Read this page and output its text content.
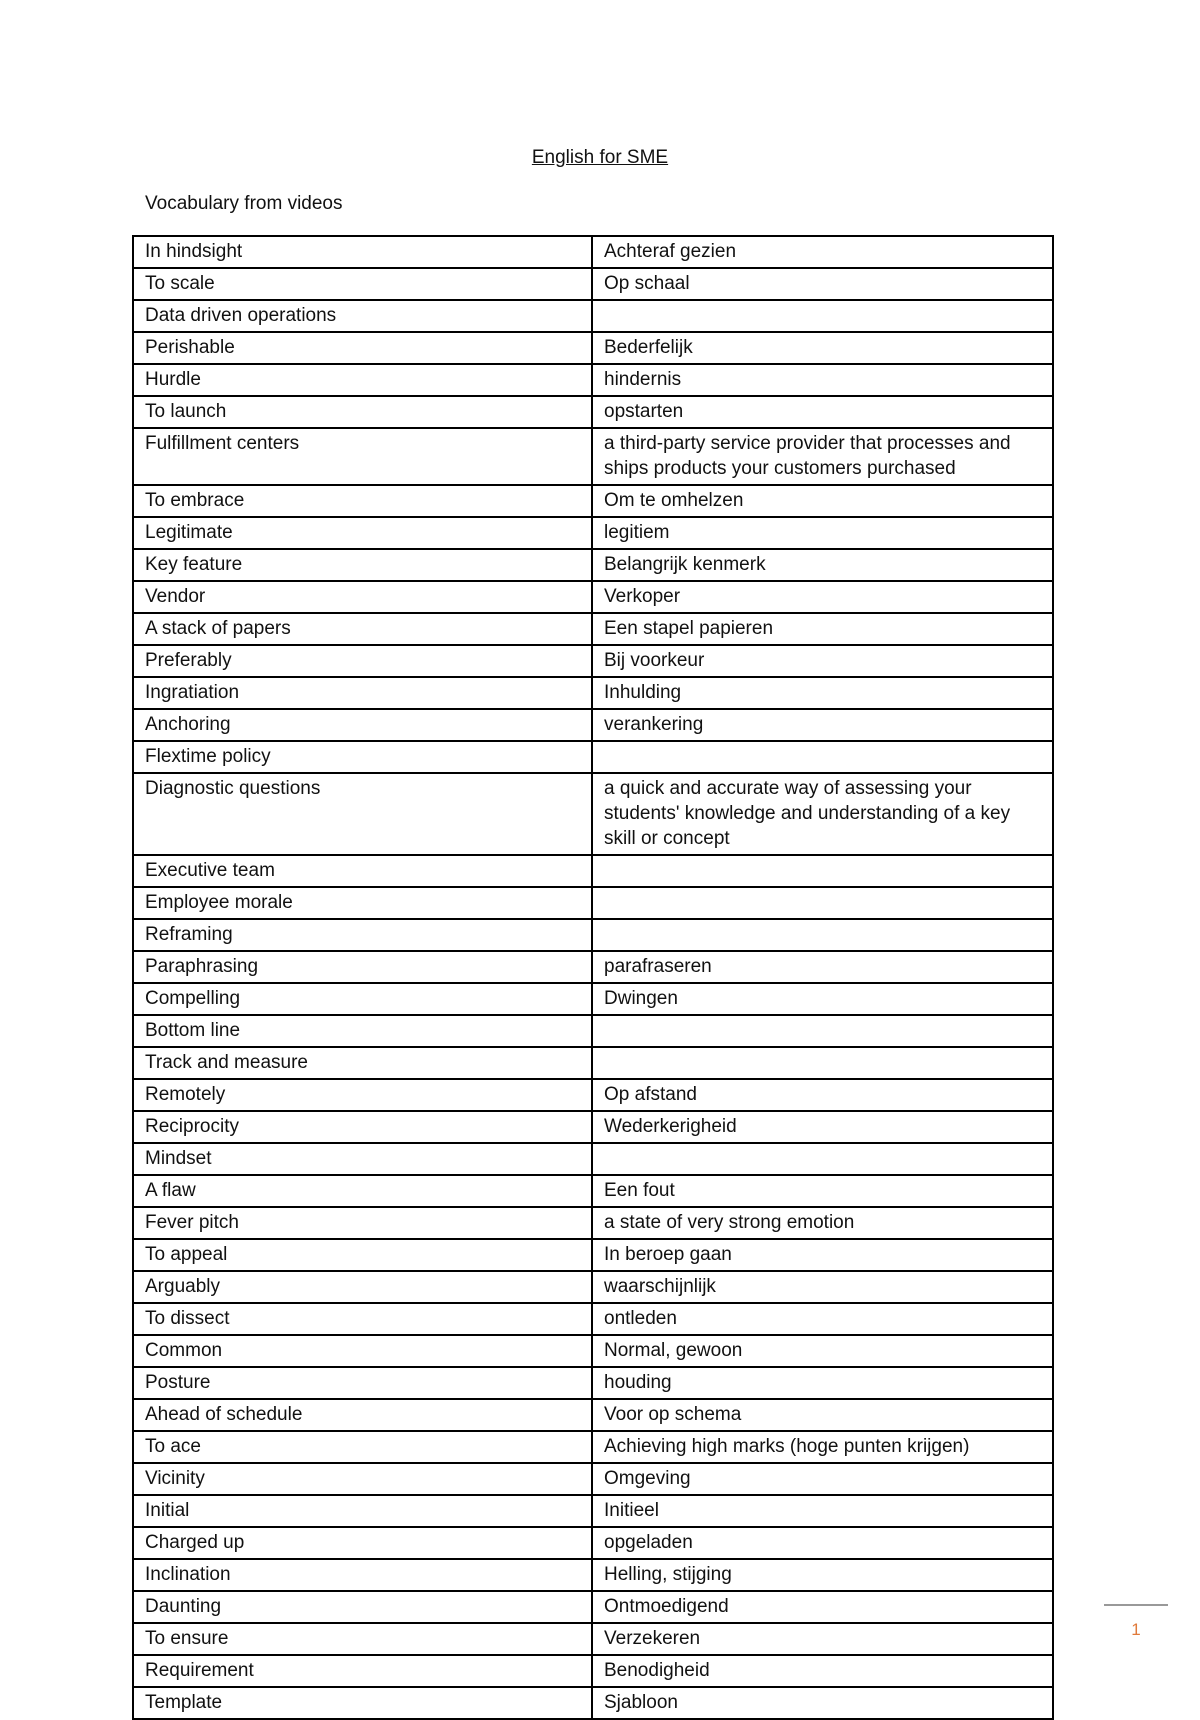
English for SME
Vocabulary from videos
In hindsight	Achteraf gezien
To scale	Op schaal
Data driven operations	
Perishable	Bederfelijk
Hurdle	hindernis
To launch	opstarten
Fulfillment centers	a third-party service provider that processes and ships products your customers purchased
To embrace	Om te omhelzen
Legitimate	legitiem
Key feature	Belangrijk kenmerk
Vendor	Verkoper
A stack of papers	Een stapel papieren
Preferably	Bij voorkeur
Ingratiation	Inhulding
Anchoring	verankering
Flextime policy	
Diagnostic questions	a quick and accurate way of assessing your students' knowledge and understanding of a key skill or concept
Executive team	
Employee morale	
Reframing	
Paraphrasing	parafraseren
Compelling	Dwingen
Bottom line	
Track and measure	
Remotely	Op afstand
Reciprocity	Wederkerigheid
Mindset	
A flaw	Een fout
Fever pitch	a state of very strong emotion
To appeal	In beroep gaan
Arguably	waarschijnlijk
To dissect	ontleden
Common	Normal, gewoon
Posture	houding
Ahead of schedule	Voor op schema
To ace	Achieving high marks (hoge punten krijgen)
Vicinity	Omgeving
Initial	Initieel
Charged up	opgeladen
Inclination	Helling, stijging
Daunting	Ontmoedigend
To ensure	Verzekeren
Requirement	Benodigheid
Template	Sjabloon
1
